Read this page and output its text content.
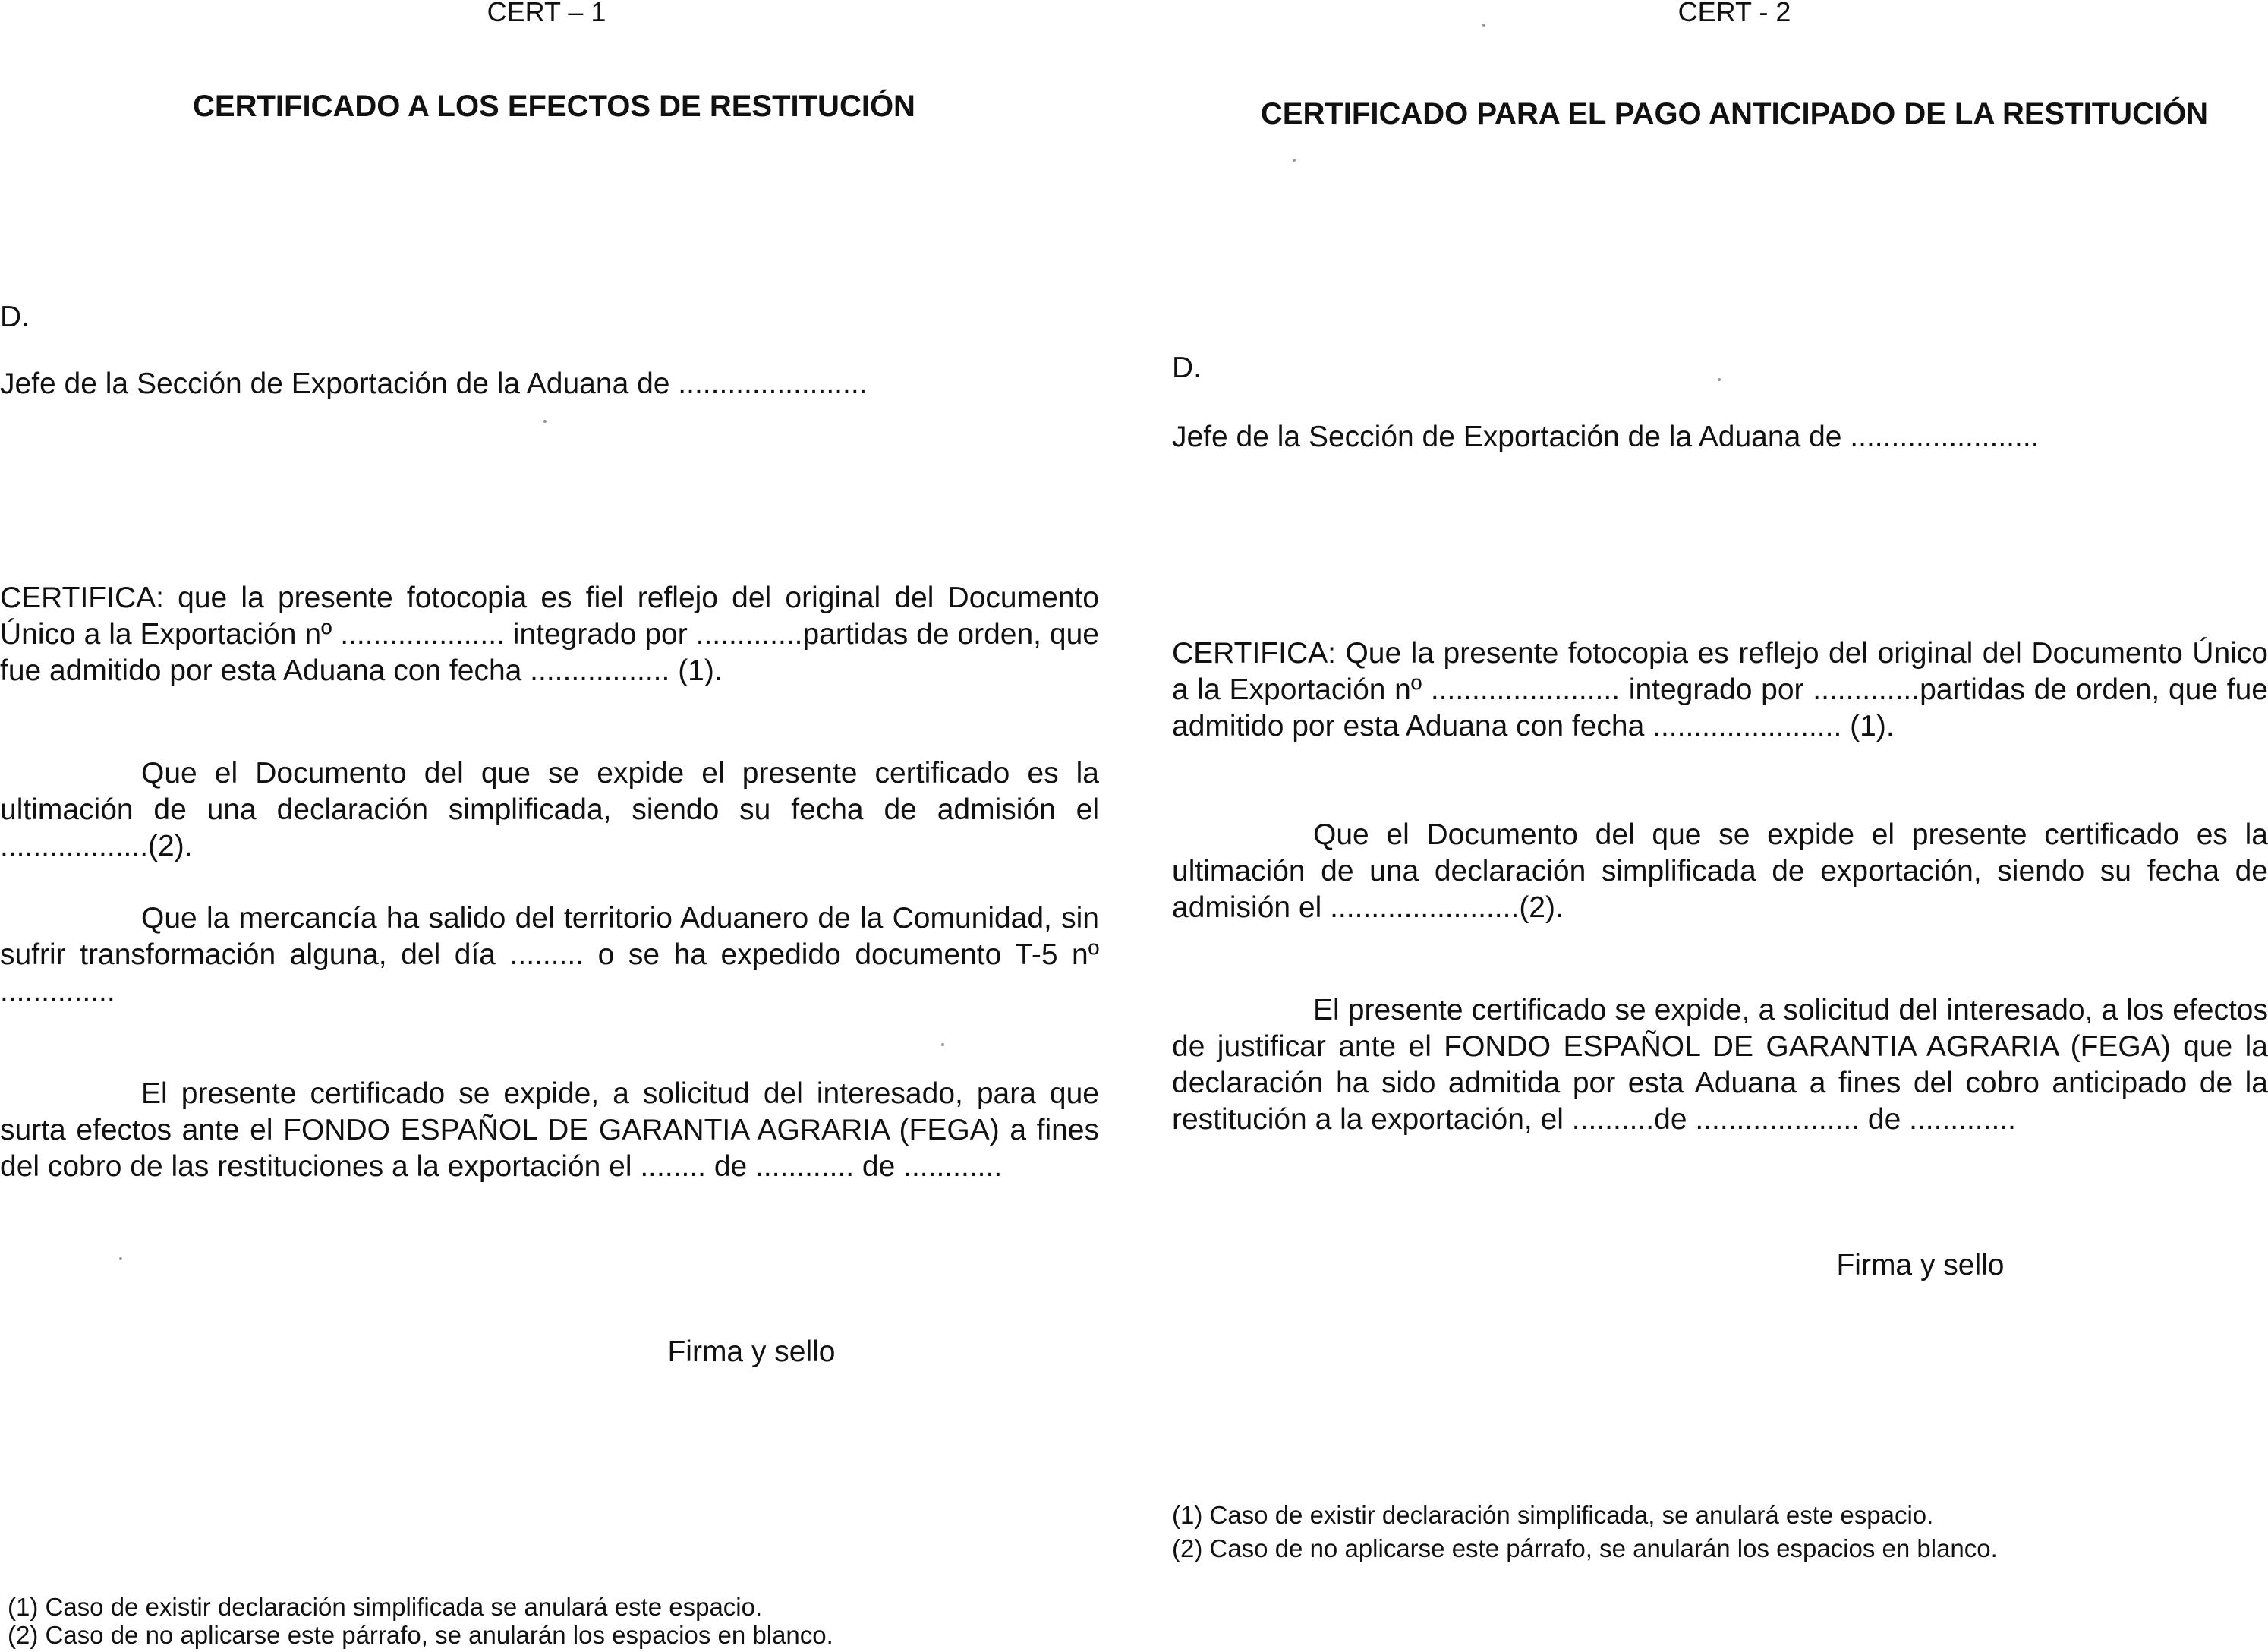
CERT – 1

CERTIFICADO A LOS EFECTOS DE RESTITUCIÓN

D.

Jefe de la Sección de Exportación de la Aduana de .......................

CERTIFICA: que la presente fotocopia es fiel reflejo del original del Documento Único a la Exportación nº .................... integrado por .............partidas de orden, que fue admitido por esta Aduana con fecha ................. (1).

Que el Documento del que se expide el presente certificado es la ultimación de una declaración simplificada, siendo su fecha de admisión el ..................(2).

Que la mercancía ha salido del territorio Aduanero de la Comunidad, sin sufrir transformación alguna, del día ......... o se ha expedido documento T-5 nº ..............

El presente certificado se expide, a solicitud del interesado, para que surta efectos ante el FONDO ESPAÑOL DE GARANTIA AGRARIA (FEGA) a fines del cobro de las restituciones a la exportación el ........ de ............ de ............

Firma y sello

(1) Caso de existir declaración simplificada se anulará este espacio.

(2) Caso de no aplicarse este párrafo, se anularán los espacios en blanco.

CERT - 2

CERTIFICADO PARA EL PAGO ANTICIPADO DE LA RESTITUCIÓN

D.

Jefe de la Sección de Exportación de la Aduana de .......................

CERTIFICA: Que la presente fotocopia es reflejo del original del Documento Único a la Exportación nº ....................... integrado por .............partidas de orden, que fue admitido por esta Aduana con fecha ....................... (1).

Que el Documento del que se expide el presente certificado es la ultimación de una declaración simplificada de exportación, siendo su fecha de admisión el .......................(2).

El presente certificado se expide, a solicitud del interesado, a los efectos de justificar ante el FONDO ESPAÑOL DE GARANTIA AGRARIA (FEGA) que la declaración ha sido admitida por esta Aduana a fines del cobro anticipado de la restitución a la exportación, el ..........de .................... de .............

Firma y sello

(1) Caso de existir declaración simplificada, se anulará este espacio.

(2) Caso de no aplicarse este párrafo, se anularán los espacios en blanco.
